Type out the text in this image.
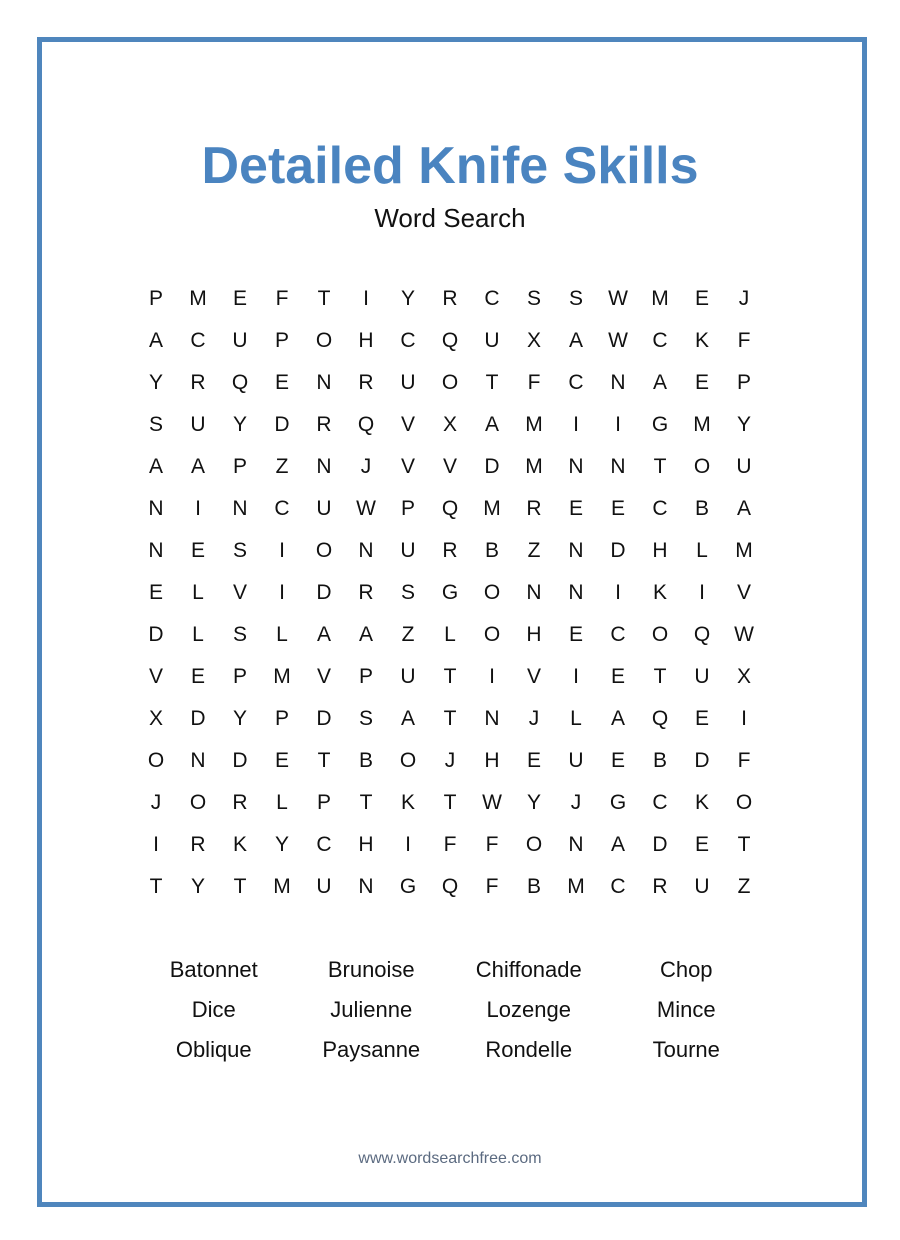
Detailed Knife Skills
Word Search
P	M	E	F	T	I	Y	R	C	S	S	W	M	E	J
A	C	U	P	O	H	C	Q	U	X	A	W	C	K	F
Y	R	Q	E	N	R	U	O	T	F	C	N	A	E	P
S	U	Y	D	R	Q	V	X	A	M	I	I	G	M	Y
A	A	P	Z	N	J	V	V	D	M	N	N	T	O	U
N	I	N	C	U	W	P	Q	M	R	E	E	C	B	A
N	E	S	I	O	N	U	R	B	Z	N	D	H	L	M
E	L	V	I	D	R	S	G	O	N	N	I	K	I	V
D	L	S	L	A	A	Z	L	O	H	E	C	O	Q	W
V	E	P	M	V	P	U	T	I	V	I	E	T	U	X
X	D	Y	P	D	S	A	T	N	J	L	A	Q	E	I
O	N	D	E	T	B	O	J	H	E	U	E	B	D	F
J	O	R	L	P	T	K	T	W	Y	J	G	C	K	O
I	R	K	Y	C	H	I	F	F	O	N	A	D	E	T
T	Y	T	M	U	N	G	Q	F	B	M	C	R	U	Z
Batonnet	Brunoise	Chiffonade	Chop
Dice	Julienne	Lozenge	Mince
Oblique	Paysanne	Rondelle	Tourne
www.wordsearchfree.com
